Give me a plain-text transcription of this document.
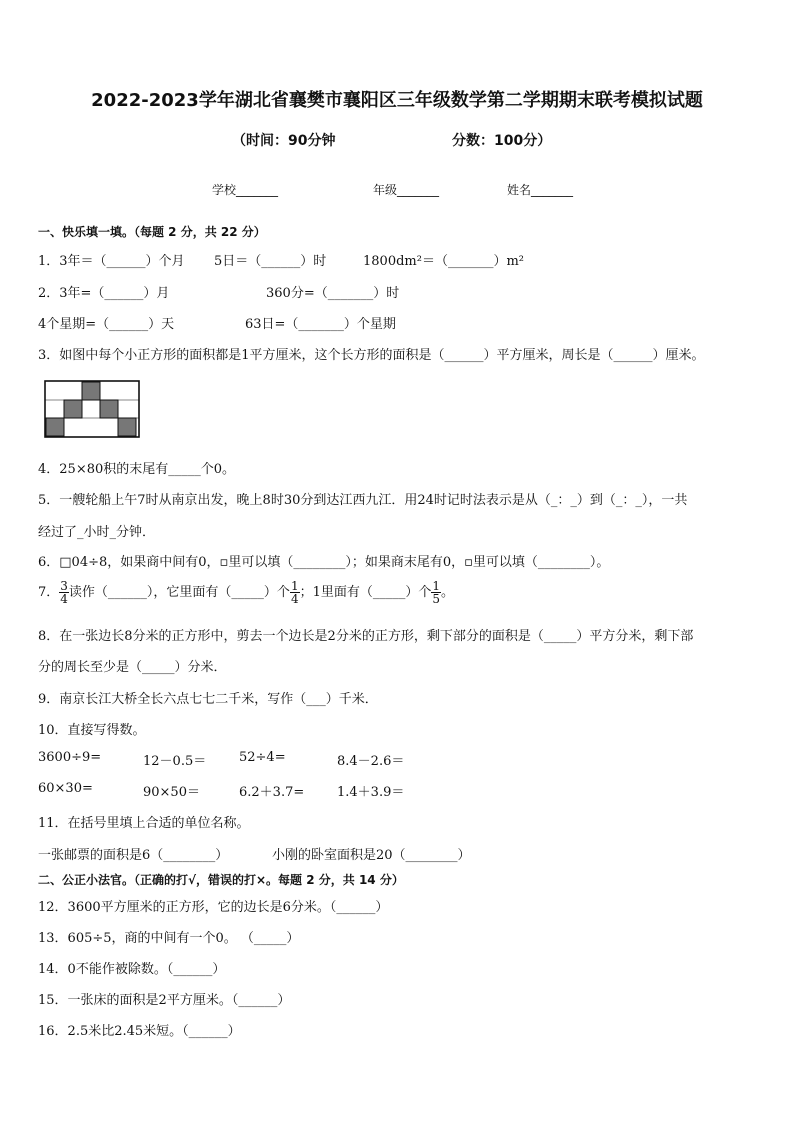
2022-2023学年湖北省襄樊市襄阳区三年级数学第二学期期末联考模拟试题
（时间：90分钟	分数：100分）
学校_______	年级_______	姓名_______
一、快乐填一填。（每题 2 分，共 22 分）
1．3年＝（______）个月 5日＝（______）时	1800dm²＝（_______）m²
2．3年=（______）月	360分=（_______）时
4个星期=（______）天	63日=（_______）个星期
3．如图中每个小正方形的面积都是1平方厘米，这个长方形的面积是（______）平方厘米，周长是（______）厘米。
4．25×80积的末尾有_____个0。
5．一艘轮船上午7时从南京出发，晚上8时30分到达江西九江．用24时记时法表示是从（_：_）到（_：_），一共
经过了_小时_分钟．
6．□04÷8，如果商中间有0，▫里可以填（________）；如果商末尾有0，▫里可以填（________）。
7． $\frac{3}{4}$ 读作（______），它里面有（_____）个 $\frac{1}{4}$ ；1里面有（_____）个 $\frac{1}{5}$ 。
8．在一张边长8分米的正方形中，剪去一个边长是2分米的正方形，剩下部分的面积是（_____）平方分米，剩下部
分的周长至少是（_____）分米．
9．南京长江大桥全长六点七七二千米，写作（___）千米．
10．直接写得数。
3600÷9=	12－0.5＝	52÷4=	8.4－2.6＝
60×30=	90×50＝	6.2＋3.7=	1.4＋3.9＝
11．在括号里填上合适的单位名称。
一张邮票的面积是6（________）	小刚的卧室面积是20（________）
二、公正小法官。（正确的打√，错误的打×。每题 2 分，共 14 分）
12．3600平方厘米的正方形，它的边长是6分米。（______）
13．605÷5，商的中间有一个0。 （_____）
14．0不能作被除数。（______）
15．一张床的面积是2平方厘米。（______）
16．2.5米比2.45米短。（______）
